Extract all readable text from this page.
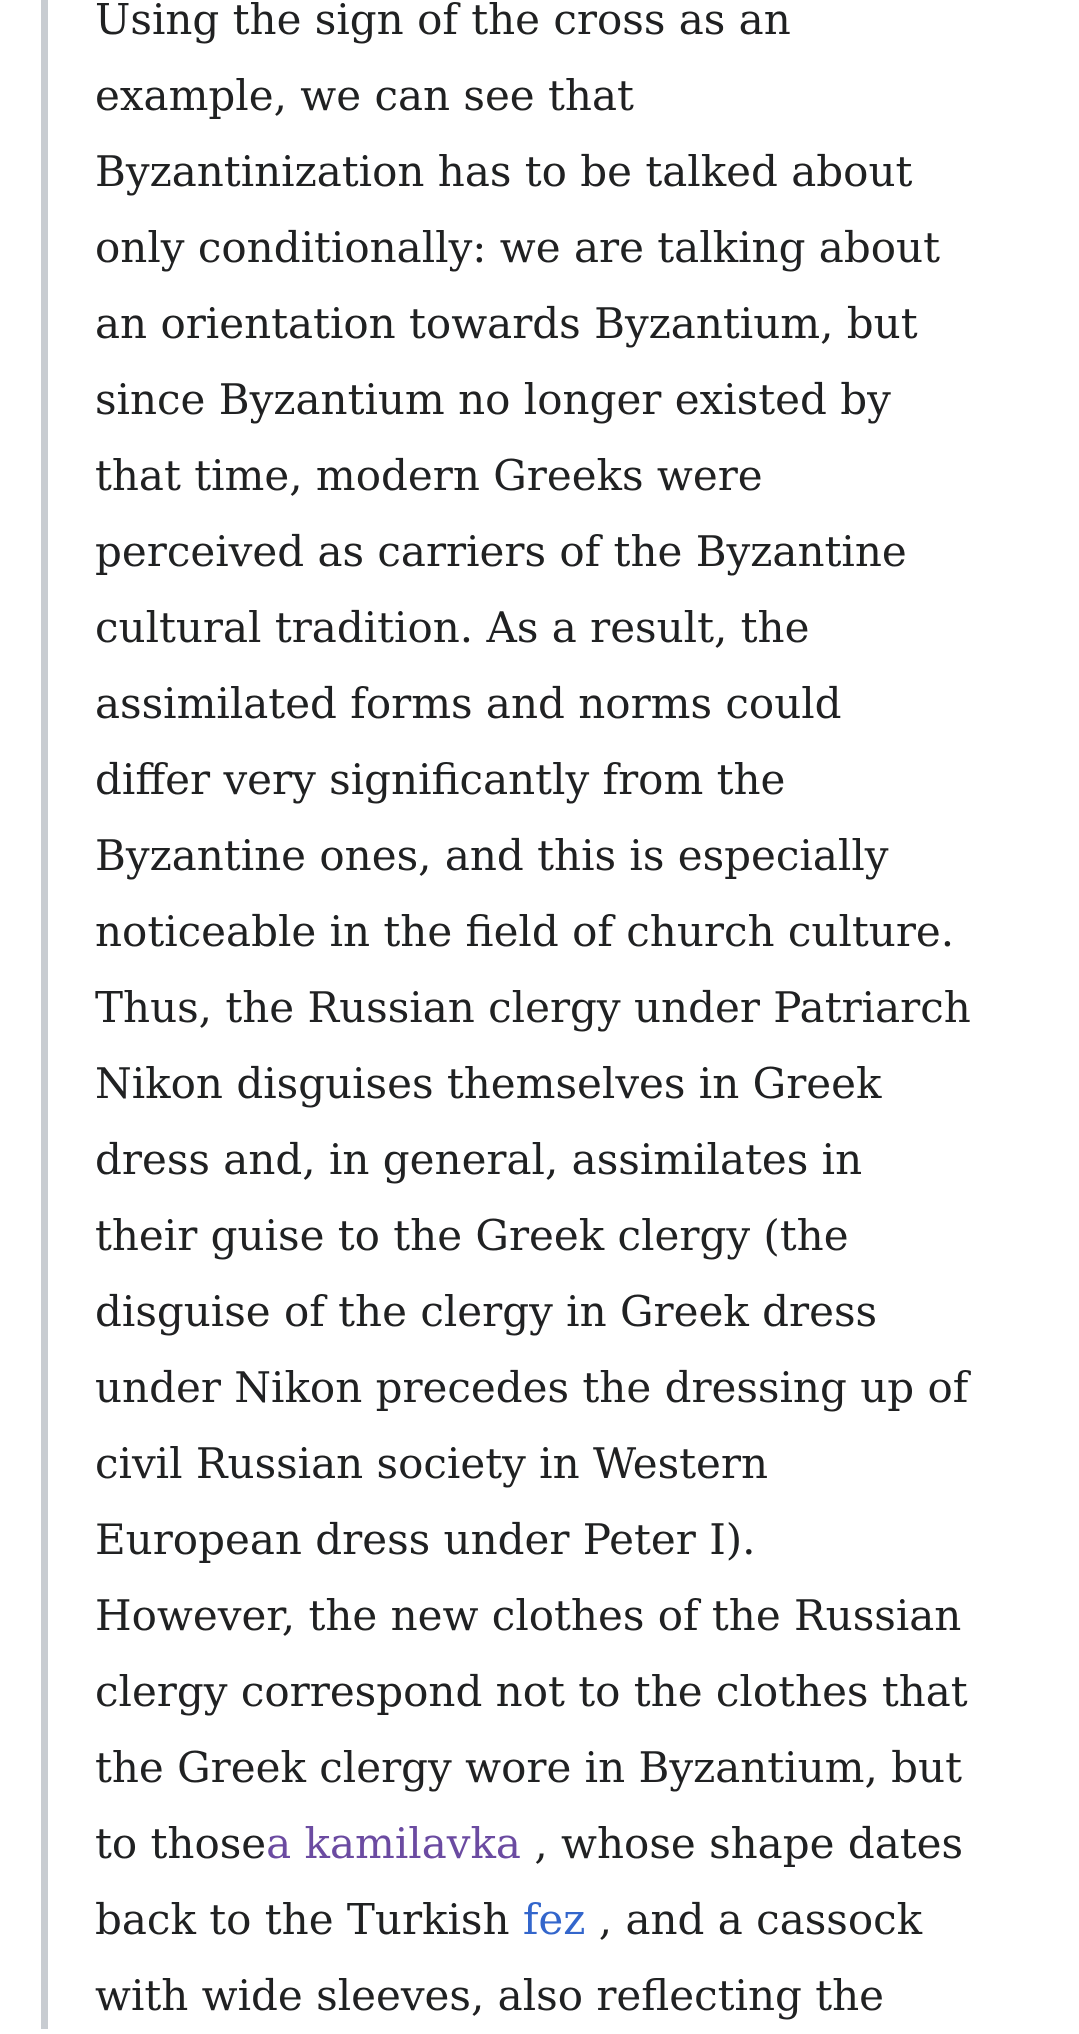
Using the sign of the cross as an
example, we can see that
Byzantinization has to be talked about
only conditionally: we are talking about
an orientation towards Byzantium, but
since Byzantium no longer existed by
that time, modern Greeks were
perceived as carriers of the Byzantine
cultural tradition. As a result, the
assimilated forms and norms could
differ very significantly from the
Byzantine ones, and this is especially
noticeable in the field of church culture.
Thus, the Russian clergy under Patriarch
Nikon disguises themselves in Greek
dress and, in general, assimilates in
their guise to the Greek clergy (the
disguise of the clergy in Greek dress
under Nikon precedes the dressing up of
civil Russian society in Western
European dress under Peter I).
However, the new clothes of the Russian
clergy correspond not to the clothes that
the Greek clergy wore in Byzantium, but
to thosea kamilavka , whose shape dates
back to the Turkish fez , and a cassock
with wide sleeves, also reflecting the
